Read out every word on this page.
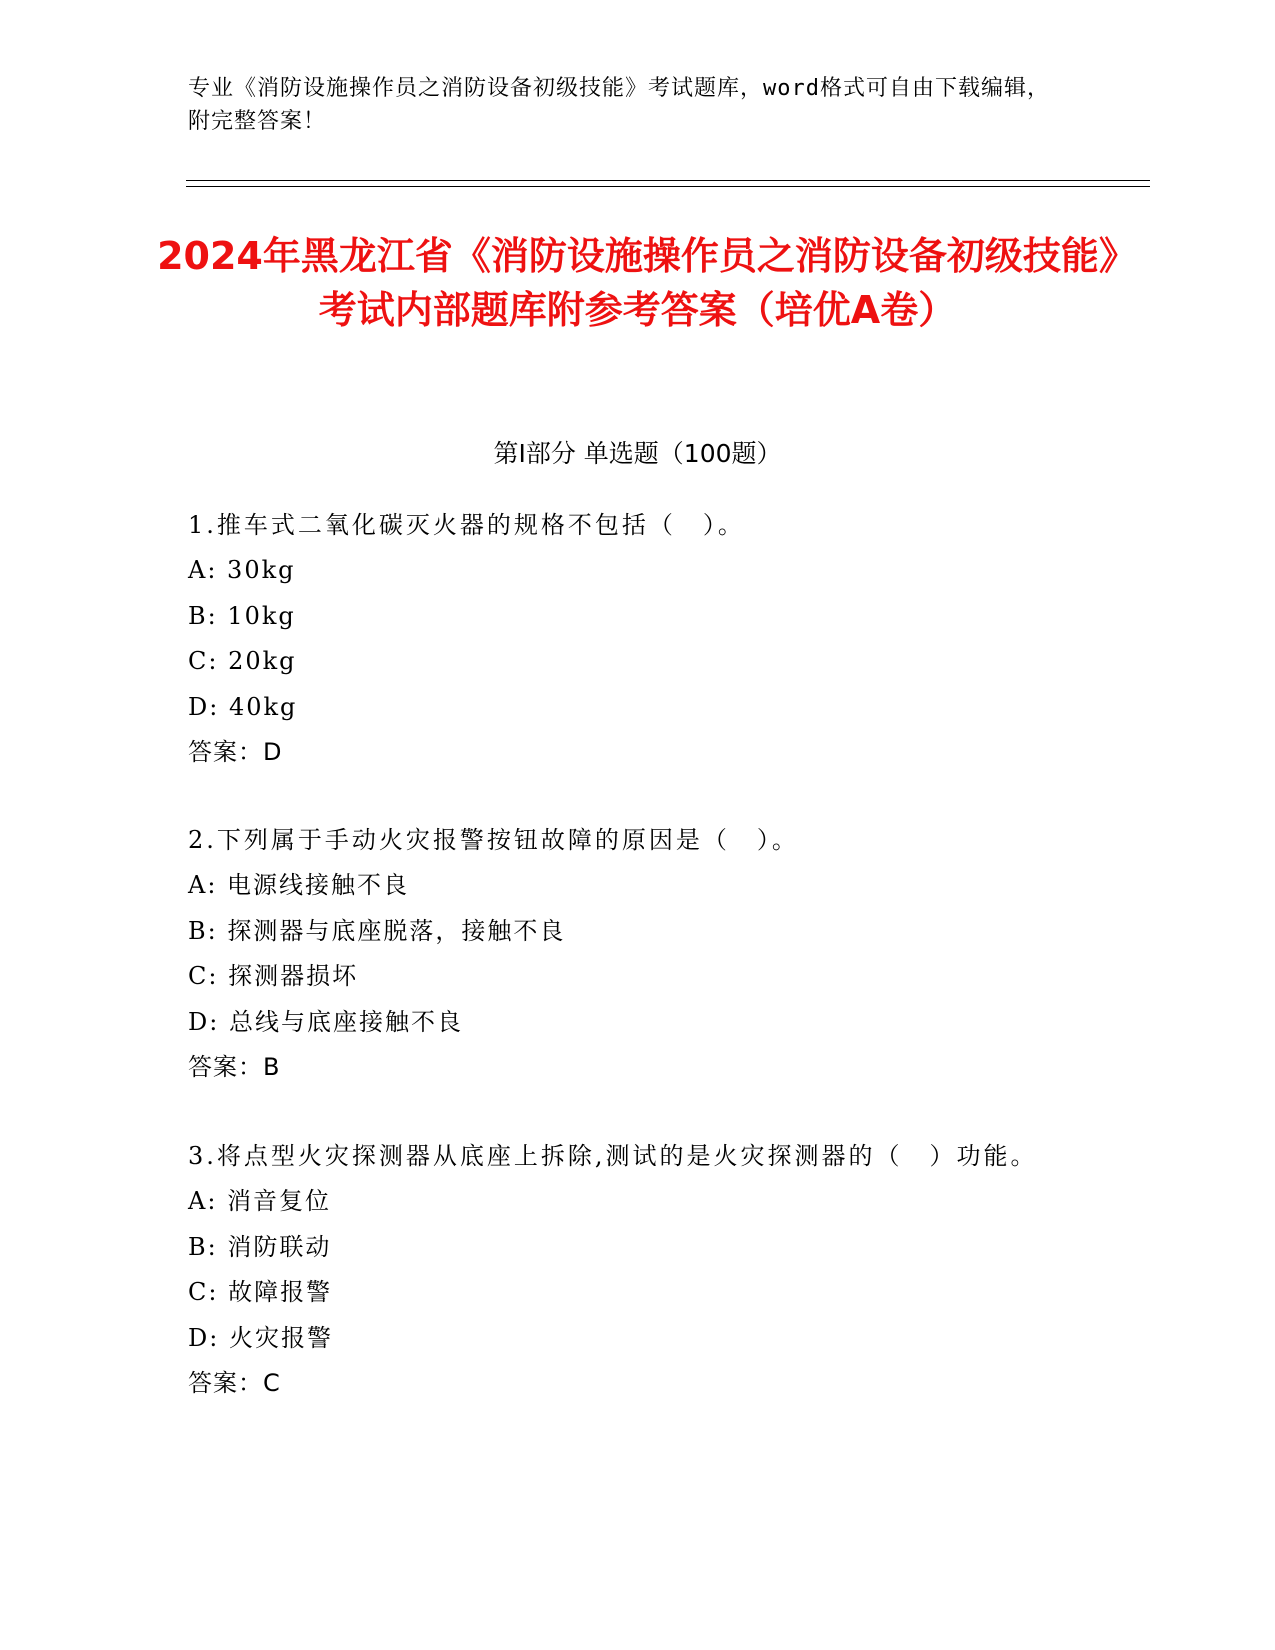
专业《消防设施操作员之消防设备初级技能》考试题库，word格式可自由下载编辑，附完整答案！
2024年黑龙江省《消防设施操作员之消防设备初级技能》考试内部题库附参考答案（培优A卷）
第I部分 单选题（100题）
1.推车式二氧化碳灭火器的规格不包括（　）。
A: 30kg
B: 10kg
C: 20kg
D: 40kg
答案：D
2.下列属于手动火灾报警按钮故障的原因是（　）。
A: 电源线接触不良
B: 探测器与底座脱落，接触不良
C: 探测器损坏
D: 总线与底座接触不良
答案：B
3.将点型火灾探测器从底座上拆除,测试的是火灾探测器的（　）功能。
A: 消音复位
B: 消防联动
C: 故障报警
D: 火灾报警
答案：C
